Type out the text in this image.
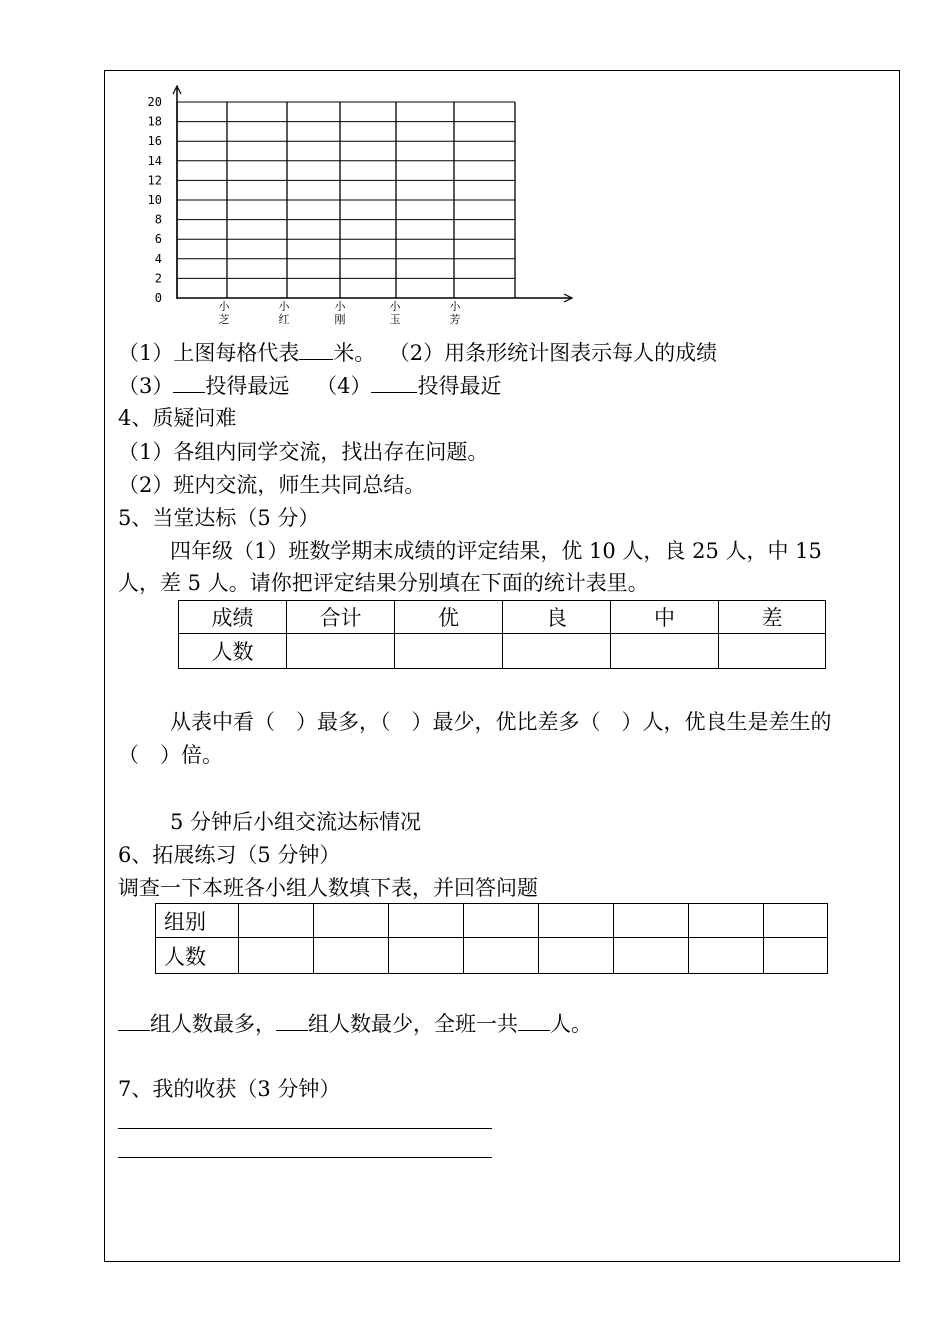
0
2
4
6
8
10
12
14
16
18
20
小
芝
小
红
小
刚
小
玉
小
芳
（1）上图每格代表 米。 （2）用条形统计图表示每人的成绩
（3） 投得最远 （4） 投得最近
4、质疑问难
（1）各组内同学交流，找出存在问题。
（2）班内交流，师生共同总结。
5、当堂达标（5 分）
四年级（1）班数学期末成绩的评定结果，优 10 人，良 25 人，中 15
人，差 5 人。请你把评定结果分别填在下面的统计表里。
成绩	合计	优	良	中	差
人数					
从表中看（　）最多，（　）最少，优比差多（　）人，优良生是差生的
（　）倍。
5 分钟后小组交流达标情况
6、拓展练习（5 分钟）
调查一下本班各小组人数填下表，并回答问题
组别								
人数								
组人数最多， 组人数最少，全班一共 人。
7、我的收获（3 分钟）
